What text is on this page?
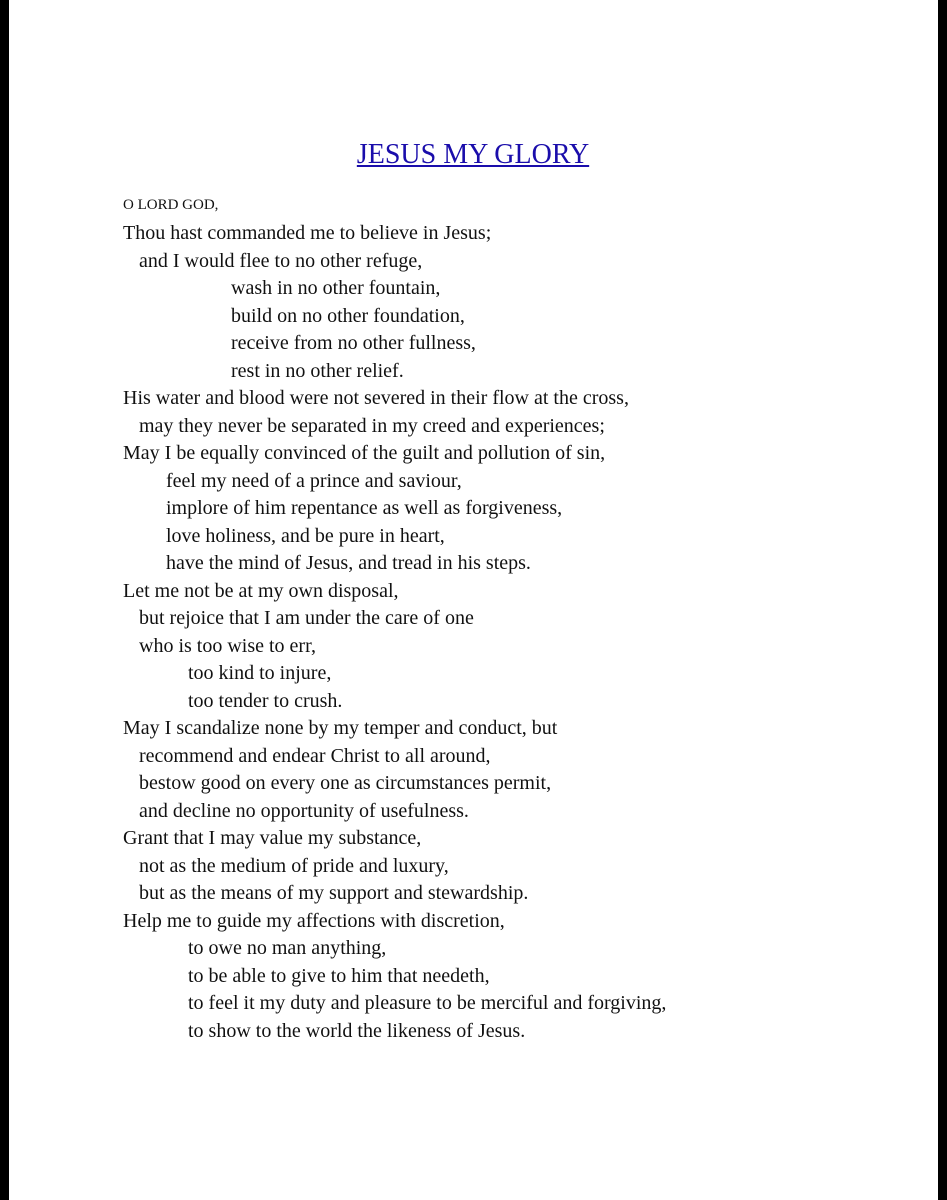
JESUS MY GLORY
O LORD GOD,
Thou hast commanded me to believe in Jesus;
and I would flee to no other refuge,
wash in no other fountain,
build on no other foundation,
receive from no other fullness,
rest in no other relief.
His water and blood were not severed in their flow at the cross,
may they never be separated in my creed and experiences;
May I be equally convinced of the guilt and pollution of sin,
feel my need of a prince and saviour,
implore of him repentance as well as forgiveness,
love holiness, and be pure in heart,
have the mind of Jesus, and tread in his steps.
Let me not be at my own disposal,
but rejoice that I am under the care of one
who is too wise to err,
too kind to injure,
too tender to crush.
May I scandalize none by my temper and conduct, but
recommend and endear Christ to all around,
bestow good on every one as circumstances permit,
and decline no opportunity of usefulness.
Grant that I may value my substance,
not as the medium of pride and luxury,
but as the means of my support and stewardship.
Help me to guide my affections with discretion,
to owe no man anything,
to be able to give to him that needeth,
to feel it my duty and pleasure to be merciful and forgiving,
to show to the world the likeness of Jesus.
